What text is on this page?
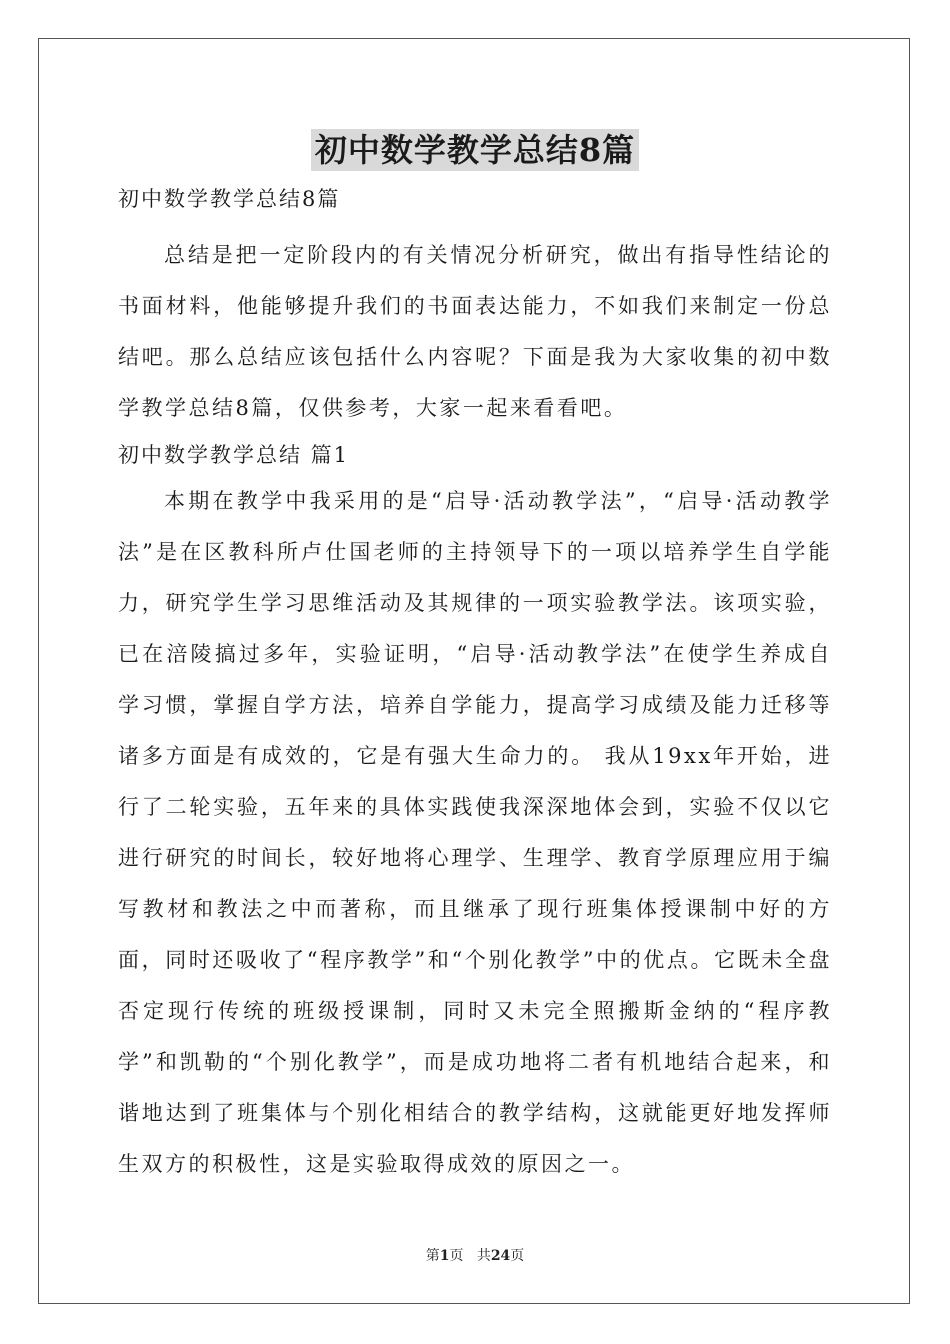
初中数学教学总结8篇

初中数学教学总结8篇

总结是把一定阶段内的有关情况分析研究，做出有指导性结论的书面材料，他能够提升我们的书面表达能力，不如我们来制定一份总结吧。那么总结应该包括什么内容呢？下面是我为大家收集的初中数学教学总结8篇，仅供参考，大家一起来看看吧。

初中数学教学总结 篇1

本期在教学中我采用的是“启导·活动教学法”，“启导·活动教学法”是在区教科所卢仕国老师的主持领导下的一项以培养学生自学能力，研究学生学习思维活动及其规律的一项实验教学法。该项实验，已在涪陵搞过多年，实验证明，“启导·活动教学法”在使学生养成自学习惯，掌握自学方法，培养自学能力，提高学习成绩及能力迁移等诸多方面是有成效的，它是有强大生命力的。 我从19xx年开始，进行了二轮实验，五年来的具体实践使我深深地体会到，实验不仅以它进行研究的时间长，较好地将心理学、生理学、教育学原理应用于编写教材和教法之中而著称，而且继承了现行班集体授课制中好的方面，同时还吸收了“程序教学”和“个别化教学”中的优点。它既未全盘否定现行传统的班级授课制，同时又未完全照搬斯金纳的“程序教学”和凯勒的“个别化教学”，而是成功地将二者有机地结合起来，和谐地达到了班集体与个别化相结合的教学结构，这就能更好地发挥师生双方的积极性，这是实验取得成效的原因之一。

第1页 共24页
